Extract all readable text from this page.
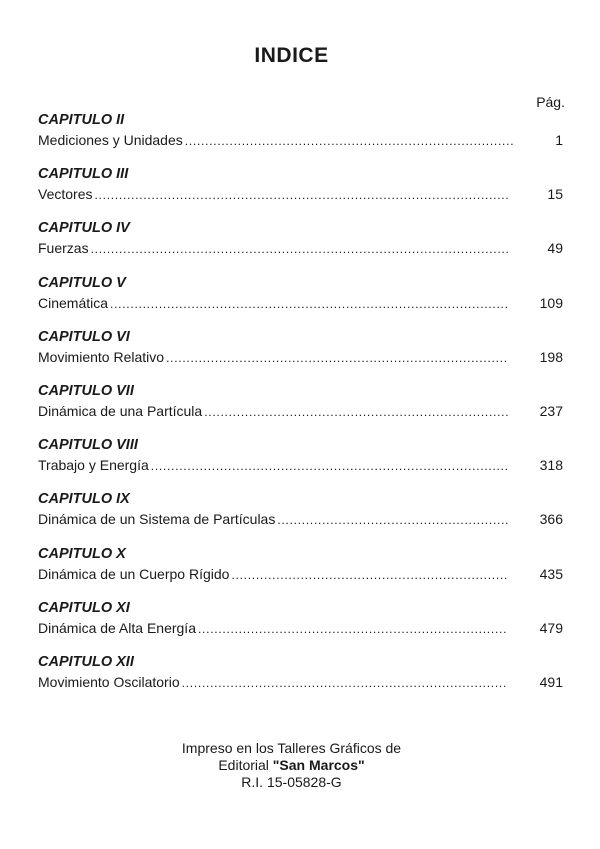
INDICE
Pág.
CAPITULO II
Mediciones y Unidades . . .	1
CAPITULO III
Vectores . . .	15
CAPITULO IV
Fuerzas . . .	49
CAPITULO V
Cinemática . . .	109
CAPITULO VI
Movimiento Relativo . . .	198
CAPITULO VII
Dinámica de una Partícula . . .	237
CAPITULO VIII
Trabajo y Energía . . .	318
CAPITULO IX
Dinámica de un Sistema de Partículas . . .	366
CAPITULO X
Dinámica de un Cuerpo Rígido . . .	435
CAPITULO XI
Dinámica de Alta Energía . . .	479
CAPITULO XII
Movimiento Oscilatorio . . .	491
Impreso en los Talleres Gráficos de
Editorial "San Marcos"
R.I. 15-05828-G
